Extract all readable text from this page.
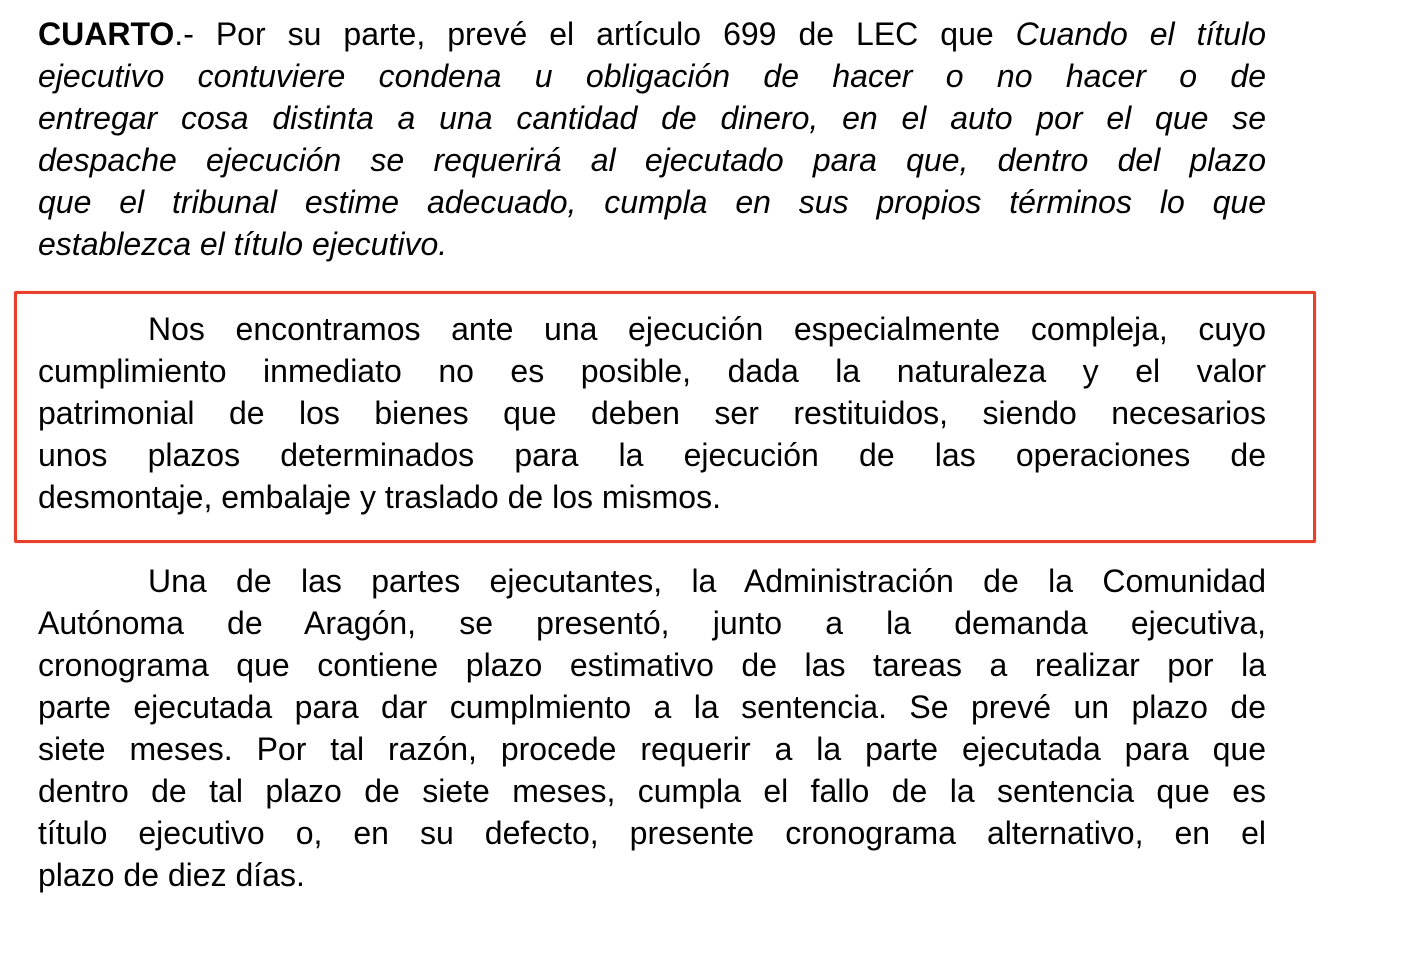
CUARTO.- Por su parte, prevé el artículo 699 de LEC que Cuando el título
ejecutivo contuviere condena u obligación de hacer o no hacer o de
entregar cosa distinta a una cantidad de dinero, en el auto por el que se
despache ejecución se requerirá al ejecutado para que, dentro del plazo
que el tribunal estime adecuado, cumpla en sus propios términos lo que
establezca el título ejecutivo.
Nos encontramos ante una ejecución especialmente compleja, cuyo
cumplimiento inmediato no es posible, dada la naturaleza y el valor
patrimonial de los bienes que deben ser restituidos, siendo necesarios
unos plazos determinados para la ejecución de las operaciones de
desmontaje, embalaje y traslado de los mismos.
Una de las partes ejecutantes, la Administración de la Comunidad
Autónoma de Aragón, se presentó, junto a la demanda ejecutiva,
cronograma que contiene plazo estimativo de las tareas a realizar por la
parte ejecutada para dar cumplmiento a la sentencia. Se prevé un plazo de
siete meses. Por tal razón, procede requerir a la parte ejecutada para que
dentro de tal plazo de siete meses, cumpla el fallo de la sentencia que es
título ejecutivo o, en su defecto, presente cronograma alternativo, en el
plazo de diez días.
